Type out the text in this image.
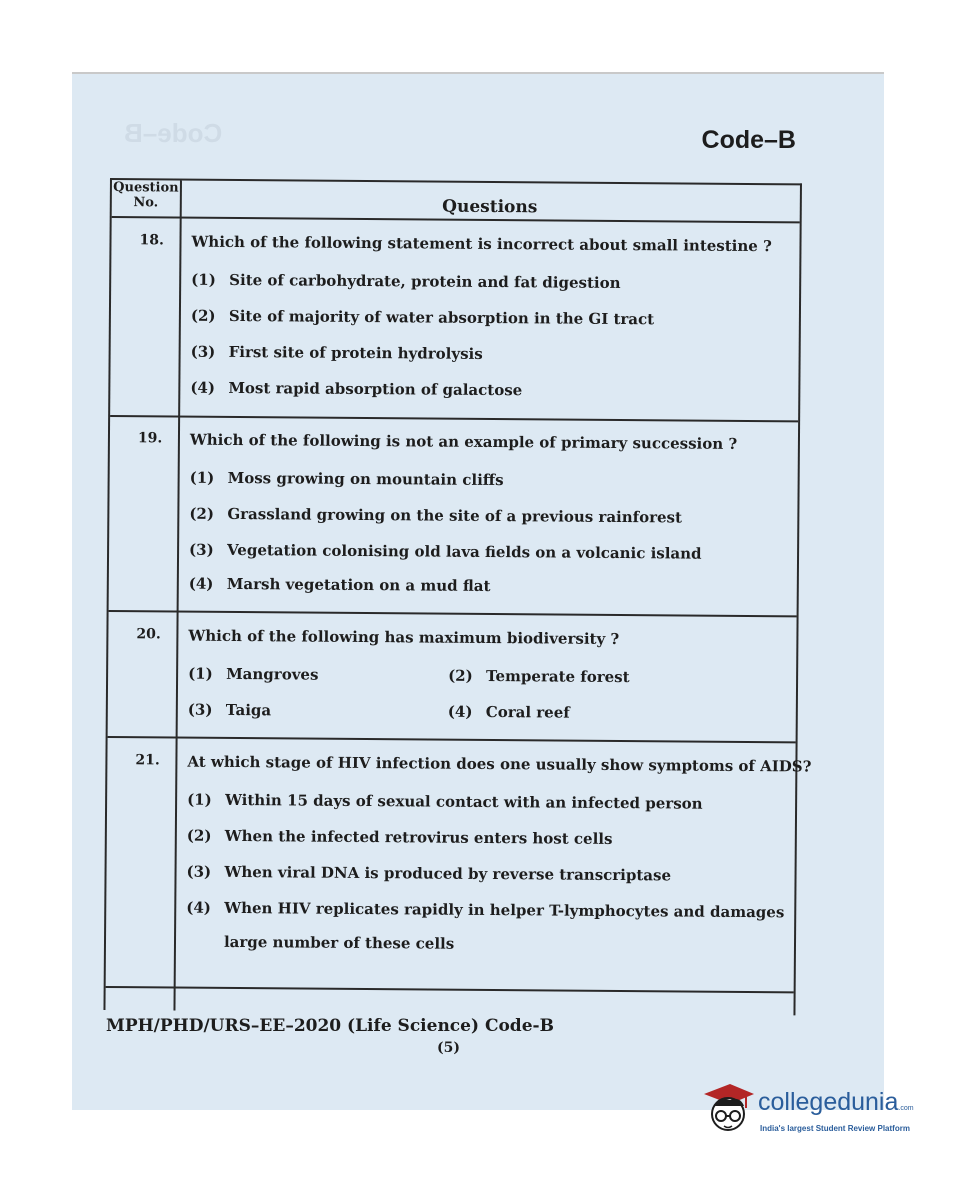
Code–B	Code–B
Question
No.	Questions
18. Which of the following statement is incorrect about small intestine ?
(1) Site of carbohydrate, protein and fat digestion
(2) Site of majority of water absorption in the GI tract
(3) First site of protein hydrolysis
(4) Most rapid absorption of galactose
19. Which of the following is not an example of primary succession ?
(1) Moss growing on mountain cliffs
(2) Grassland growing on the site of a previous rainforest
(3) Vegetation colonising old lava fields on a volcanic island
(4) Marsh vegetation on a mud flat
20. Which of the following has maximum biodiversity ?
(1) Mangroves	(2) Temperate forest
(3) Taiga	(4) Coral reef
21. At which stage of HIV infection does one usually show symptoms of AIDS?
(1) Within 15 days of sexual contact with an infected person
(2) When the infected retrovirus enters host cells
(3) When viral DNA is produced by reverse transcriptase
(4) When HIV replicates rapidly in helper T-lymphocytes and damages
large number of these cells
MPH/PHD/URS–EE–2020 (Life Science) Code-B
(5)
collegedunia.com
India's largest Student Review Platform
